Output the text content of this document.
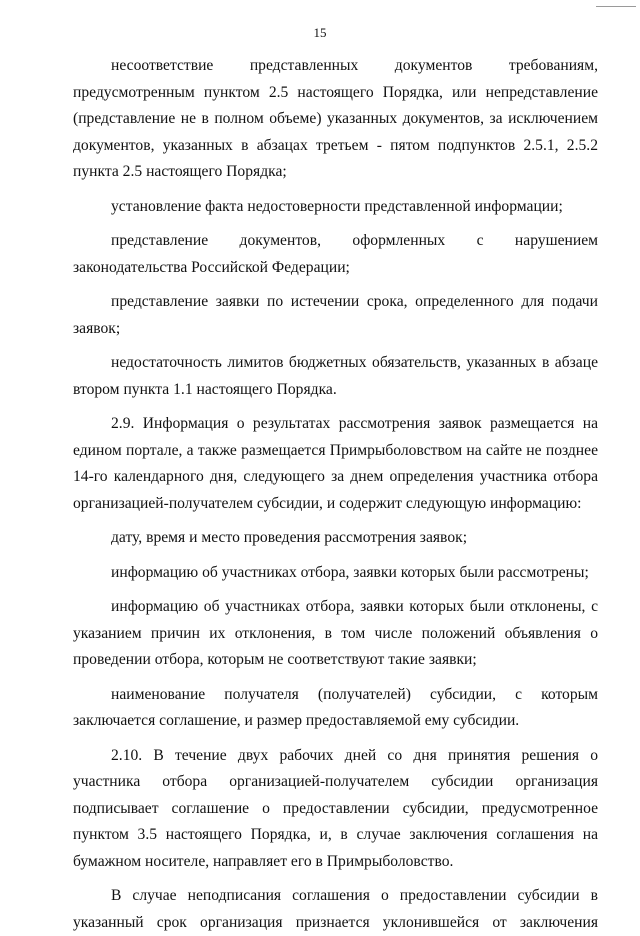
15
несоответствие представленных документов требованиям,
предусмотренным пунктом 2.5 настоящего Порядка, или непредставление
(представление не в полном объеме) указанных документов, за исключением
документов, указанных в абзацах третьем - пятом подпунктов 2.5.1, 2.5.2
пункта 2.5 настоящего Порядка;
установление факта недостоверности представленной информации;
представление документов, оформленных с нарушением
законодательства Российской Федерации;
представление заявки по истечении срока, определенного для подачи
заявок;
недостаточность лимитов бюджетных обязательств, указанных в абзаце
втором пункта 1.1 настоящего Порядка.
2.9. Информация о результатах рассмотрения заявок размещается на
едином портале, а также размещается Примрыболовством на сайте не позднее
14-го календарного дня, следующего за днем определения участника отбора
организацией-получателем субсидии, и содержит следующую информацию:
дату, время и место проведения рассмотрения заявок;
информацию об участниках отбора, заявки которых были рассмотрены;
информацию об участниках отбора, заявки которых были отклонены, с
указанием причин их отклонения, в том числе положений объявления о
проведении отбора, которым не соответствуют такие заявки;
наименование получателя (получателей) субсидии, с которым
заключается соглашение, и размер предоставляемой ему субсидии.
2.10. В течение двух рабочих дней со дня принятия решения о
участника отбора организацией-получателем субсидии организация
подписывает соглашение о предоставлении субсидии, предусмотренное
пунктом 3.5 настоящего Порядка, и, в случае заключения соглашения на
бумажном носителе, направляет его в Примрыболовство.
В случае неподписания соглашения о предоставлении субсидии в
указанный срок организация признается уклонившейся от заключения
